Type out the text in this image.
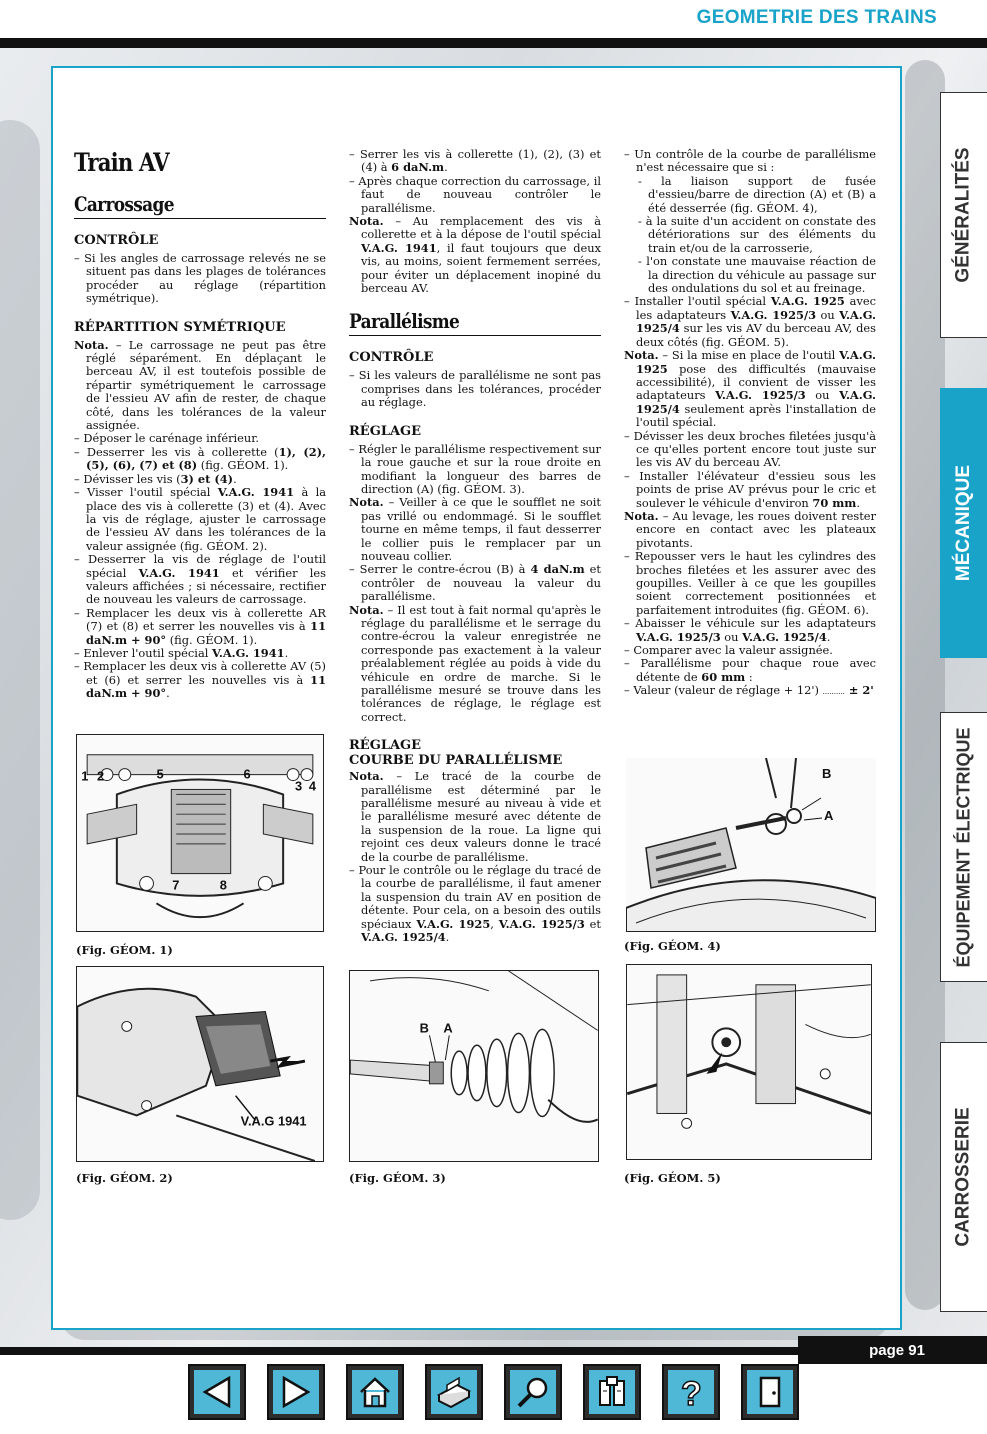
GEOMETRIE DES TRAINS
GÉNÉRALITÉS
MÉCANIQUE
ÉQUIPEMENT ÉLECTRIQUE
CARROSSERIE
Train AV
Carrossage
CONTRÔLE

– Si les angles de carrossage relevés ne se situent pas dans les plages de tolérances procéder au réglage (répartition symétrique).

RÉPARTITION SYMÉTRIQUE

Nota. – Le carrossage ne peut pas être réglé séparément. En déplaçant le berceau AV, il est toutefois possible de répartir symétriquement le carrossage de l'essieu AV afin de rester, de chaque côté, dans les tolérances de la valeur assignée.

– Déposer le carénage inférieur.

– Desserrer les vis à collerette (1), (2), (5), (6), (7) et (8) (fig. GÉOM. 1).

– Dévisser les vis (3) et (4).

– Visser l'outil spécial V.A.G. 1941 à la place des vis à collerette (3) et (4). Avec la vis de réglage, ajuster le carrossage de l'essieu AV dans les tolérances de la valeur assignée (fig. GÉOM. 2).

– Desserrer la vis de réglage de l'outil spécial V.A.G. 1941 et vérifier les valeurs affichées ; si nécessaire, rectifier de nouveau les valeurs de carrossage.

– Remplacer les deux vis à collerette AR (7) et (8) et serrer les nouvelles vis à 11 daN.m + 90° (fig. GÉOM. 1).

– Enlever l'outil spécial V.A.G. 1941.

– Remplacer les deux vis à collerette AV (5) et (6) et serrer les nouvelles vis à 11 daN.m + 90°.

1 2	5	6
3 4
7	8
(Fig. GÉOM. 1)
V.A.G 1941
(Fig. GÉOM. 2)

– Serrer les vis à collerette (1), (2), (3) et (4) à 6 daN.m.

– Après chaque correction du carrossage, il faut de nouveau contrôler le parallélisme.

Nota. – Au remplacement des vis à collerette et à la dépose de l'outil spécial V.A.G. 1941, il faut toujours que deux vis, au moins, soient fermement serrées, pour éviter un déplacement inopiné du berceau AV.

Parallélisme
CONTRÔLE

– Si les valeurs de parallélisme ne sont pas comprises dans les tolérances, procéder au réglage.

RÉGLAGE

– Régler le parallélisme respectivement sur la roue gauche et sur la roue droite en modifiant la longueur des barres de direction (A) (fig. GÉOM. 3).

Nota. – Veiller à ce que le soufflet ne soit pas vrillé ou endommagé. Si le soufflet tourne en même temps, il faut desserrer le collier puis le remplacer par un nouveau collier.

– Serrer le contre-écrou (B) à 4 daN.m et contrôler de nouveau la valeur du parallélisme.

Nota. – Il est tout à fait normal qu'après le réglage du parallélisme et le serrage du contre-écrou la valeur enregistrée ne corresponde pas exactement à la valeur préalablement réglée au poids à vide du véhicule en ordre de marche. Si le parallélisme mesuré se trouve dans les tolérances de réglage, le réglage est correct.

RÉGLAGE
COURBE DU PARALLÉLISME

Nota. – Le tracé de la courbe de parallélisme est déterminé par le parallélisme mesuré au niveau à vide et le parallélisme mesuré avec détente de la suspension de la roue. La ligne qui rejoint ces deux valeurs donne le tracé de la courbe de parallélisme.

– Pour le contrôle ou le réglage du tracé de la courbe de parallélisme, il faut amener la suspension du train AV en position de détente. Pour cela, on a besoin des outils spéciaux V.A.G. 1925, V.A.G. 1925/3 et V.A.G. 1925/4.

B A
(Fig. GÉOM. 3)

– Un contrôle de la courbe de parallélisme n'est nécessaire que si :

- la liaison support de fusée d'essieu/barre de direction (A) et (B) a été desserrée (fig. GÉOM. 4),

- à la suite d'un accident on constate des détériorations sur des éléments du train et/ou de la carrosserie,

- l'on constate une mauvaise réaction de la direction du véhicule au passage sur des ondulations du sol et au freinage.

– Installer l'outil spécial V.A.G. 1925 avec les adaptateurs V.A.G. 1925/3 ou V.A.G. 1925/4 sur les vis AV du berceau AV, des deux côtés (fig. GÉOM. 5).

Nota. – Si la mise en place de l'outil V.A.G. 1925 pose des difficultés (mauvaise accessibilité), il convient de visser les adaptateurs V.A.G. 1925/3 ou V.A.G. 1925/4 seulement après l'installation de l'outil spécial.

– Dévisser les deux broches filetées jusqu'à ce qu'elles portent encore tout juste sur les vis AV du berceau AV.

– Installer l'élévateur d'essieu sous les points de prise AV prévus pour le cric et soulever le véhicule d'environ 70 mm.

Nota. – Au levage, les roues doivent rester encore en contact avec les plateaux pivotants.

– Repousser vers le haut les cylindres des broches filetées et les assurer avec des goupilles. Veiller à ce que les goupilles soient correctement positionnées et parfaitement introduites (fig. GÉOM. 6).

– Abaisser le véhicule sur les adaptateurs V.A.G. 1925/3 ou V.A.G. 1925/4.

– Comparer avec la valeur assignée.

– Parallélisme pour chaque roue avec détente de 60 mm :

– Valeur (valeur de réglage + 12') .......... ± 2'

B
A
(Fig. GÉOM. 4)
(Fig. GÉOM. 5)
page 91
?
